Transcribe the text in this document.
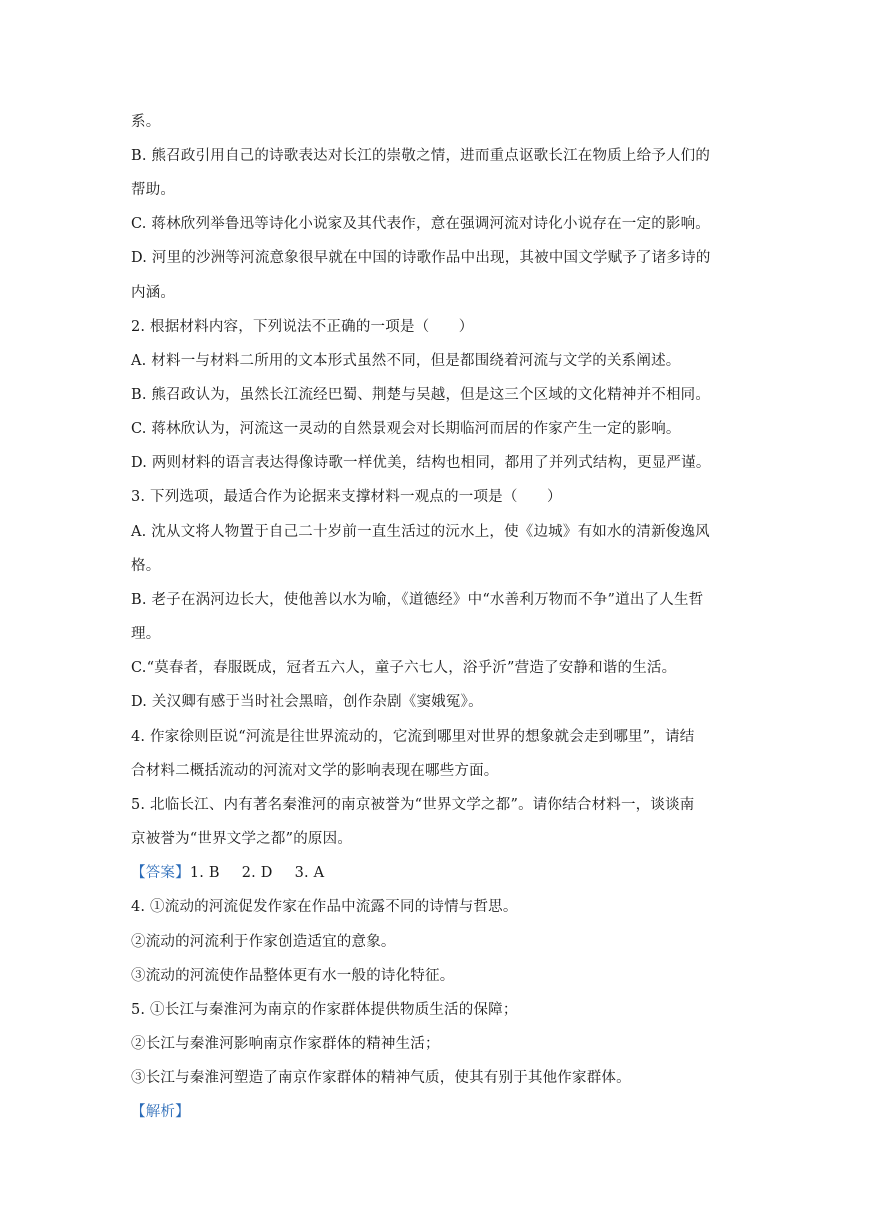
系。
B. 熊召政引用自己的诗歌表达对长江的崇敬之情，进而重点讴歌长江在物质上给予人们的
帮助。
C. 蒋林欣列举鲁迅等诗化小说家及其代表作，意在强调河流对诗化小说存在一定的影响。
D. 河里的沙洲等河流意象很早就在中国的诗歌作品中出现，其被中国文学赋予了诸多诗的
内涵。
2. 根据材料内容，下列说法不正确的一项是（　　）
A. 材料一与材料二所用的文本形式虽然不同，但是都围绕着河流与文学的关系阐述。
B. 熊召政认为，虽然长江流经巴蜀、荆楚与吴越，但是这三个区域的文化精神并不相同。
C. 蒋林欣认为，河流这一灵动的自然景观会对长期临河而居的作家产生一定的影响。
D. 两则材料的语言表达得像诗歌一样优美，结构也相同，都用了并列式结构，更显严谨。
3. 下列选项，最适合作为论据来支撑材料一观点的一项是（　　）
A. 沈从文将人物置于自己二十岁前一直生活过的沅水上，使《边城》有如水的清新俊逸风
格。
B. 老子在涡河边长大，使他善以水为喻，《道德经》中“水善利万物而不争”道出了人生哲
理。
C.“莫春者，春服既成，冠者五六人，童子六七人，浴乎沂”营造了安静和谐的生活。
D. 关汉卿有感于当时社会黑暗，创作杂剧《窦娥冤》。
4. 作家徐则臣说“河流是往世界流动的，它流到哪里对世界的想象就会走到哪里”，请结
合材料二概括流动的河流对文学的影响表现在哪些方面。
5. 北临长江、内有著名秦淮河的南京被誉为“世界文学之都”。请你结合材料一，谈谈南
京被誉为“世界文学之都”的原因。
【答案】1. B 2. D 3. A
4. ①流动的河流促发作家在作品中流露不同的诗情与哲思。
②流动的河流利于作家创造适宜的意象。
③流动的河流使作品整体更有水一般的诗化特征。
5. ①长江与秦淮河为南京的作家群体提供物质生活的保障；
②长江与秦淮河影响南京作家群体的精神生活；
③长江与秦淮河塑造了南京作家群体的精神气质，使其有别于其他作家群体。
【解析】
